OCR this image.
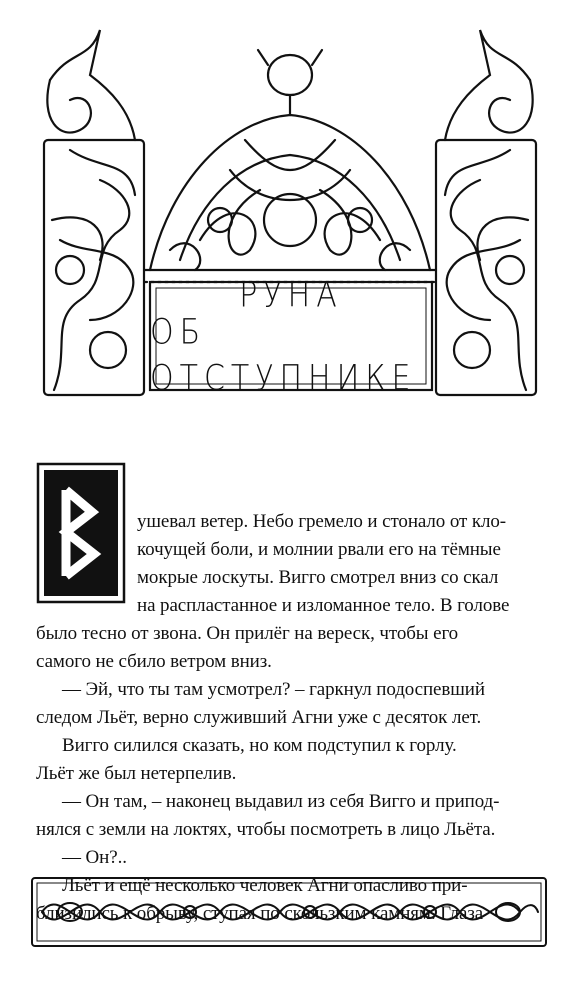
РУНА
ОБ ОТСТУПНИКЕ
ушевал ветер. Небо гремело и стонало от кло-
кочущей боли, и молнии рвали его на тёмные
мокрые лоскуты. Вигго смотрел вниз со скал
на распластанное и изломанное тело. В голове
было тесно от звона. Он прилёг на вереск, чтобы его
самого не сбило ветром вниз.
— Эй, что ты там усмотрел? – гаркнул подоспевший
следом Льёт, верно служивший Агни уже с десяток лет.
Вигго силился сказать, но ком подступил к горлу.
Льёт же был нетерпелив.
— Он там, – наконец выдавил из себя Вигго и припод-
нялся с земли на локтях, чтобы посмотреть в лицо Льёта.
— Он?..
Льёт и ещё несколько человек Агни опасливо при-
близились к обрыву, ступая по скользким камням. Глаза
